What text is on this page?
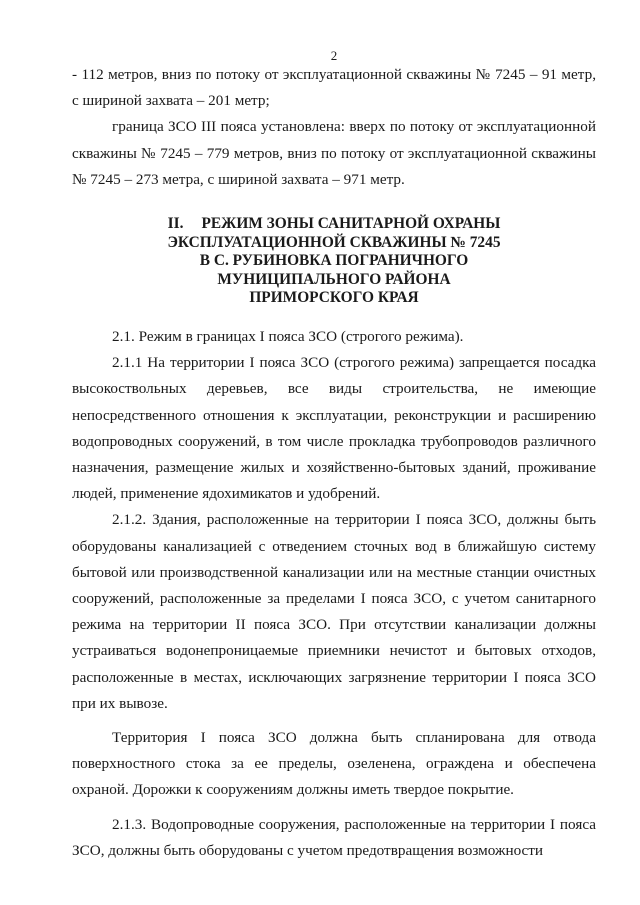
2

- 112 метров, вниз по потоку от эксплуатационной скважины № 7245 – 91 метр, с шириной захвата – 201 метр;

граница ЗСО III пояса установлена: вверх по потоку от эксплуатационной скважины № 7245 – 779 метров, вниз по потоку от эксплуатационной скважины № 7245 – 273 метра, с шириной захвата – 971 метр.

II. РЕЖИМ ЗОНЫ САНИТАРНОЙ ОХРАНЫ
ЭКСПЛУАТАЦИОННОЙ СКВАЖИНЫ № 7245
В С. РУБИНОВКА ПОГРАНИЧНОГО
МУНИЦИПАЛЬНОГО РАЙОНА
ПРИМОРСКОГО КРАЯ

2.1. Режим в границах I пояса ЗСО (строгого режима).

2.1.1 На территории I пояса ЗСО (строгого режима) запрещается посадка высокоствольных деревьев, все виды строительства, не имеющие непосредственного отношения к эксплуатации, реконструкции и расширению водопроводных сооружений, в том числе прокладка трубопроводов различного назначения, размещение жилых и хозяйственно-бытовых зданий, проживание людей, применение ядохимикатов и удобрений.

2.1.2. Здания, расположенные на территории I пояса ЗСО, должны быть оборудованы канализацией с отведением сточных вод в ближайшую систему бытовой или производственной канализации или на местные станции очистных сооружений, расположенные за пределами I пояса ЗСО, с учетом санитарного режима на территории II пояса ЗСО. При отсутствии канализации должны устраиваться водонепроницаемые приемники нечистот и бытовых отходов, расположенные в местах, исключающих загрязнение территории I пояса ЗСО при их вывозе.

Территория I пояса ЗСО должна быть спланирована для отвода поверхностного стока за ее пределы, озеленена, ограждена и обеспечена охраной. Дорожки к сооружениям должны иметь твердое покрытие.

2.1.3. Водопроводные сооружения, расположенные на территории I пояса ЗСО, должны быть оборудованы с учетом предотвращения возможности
